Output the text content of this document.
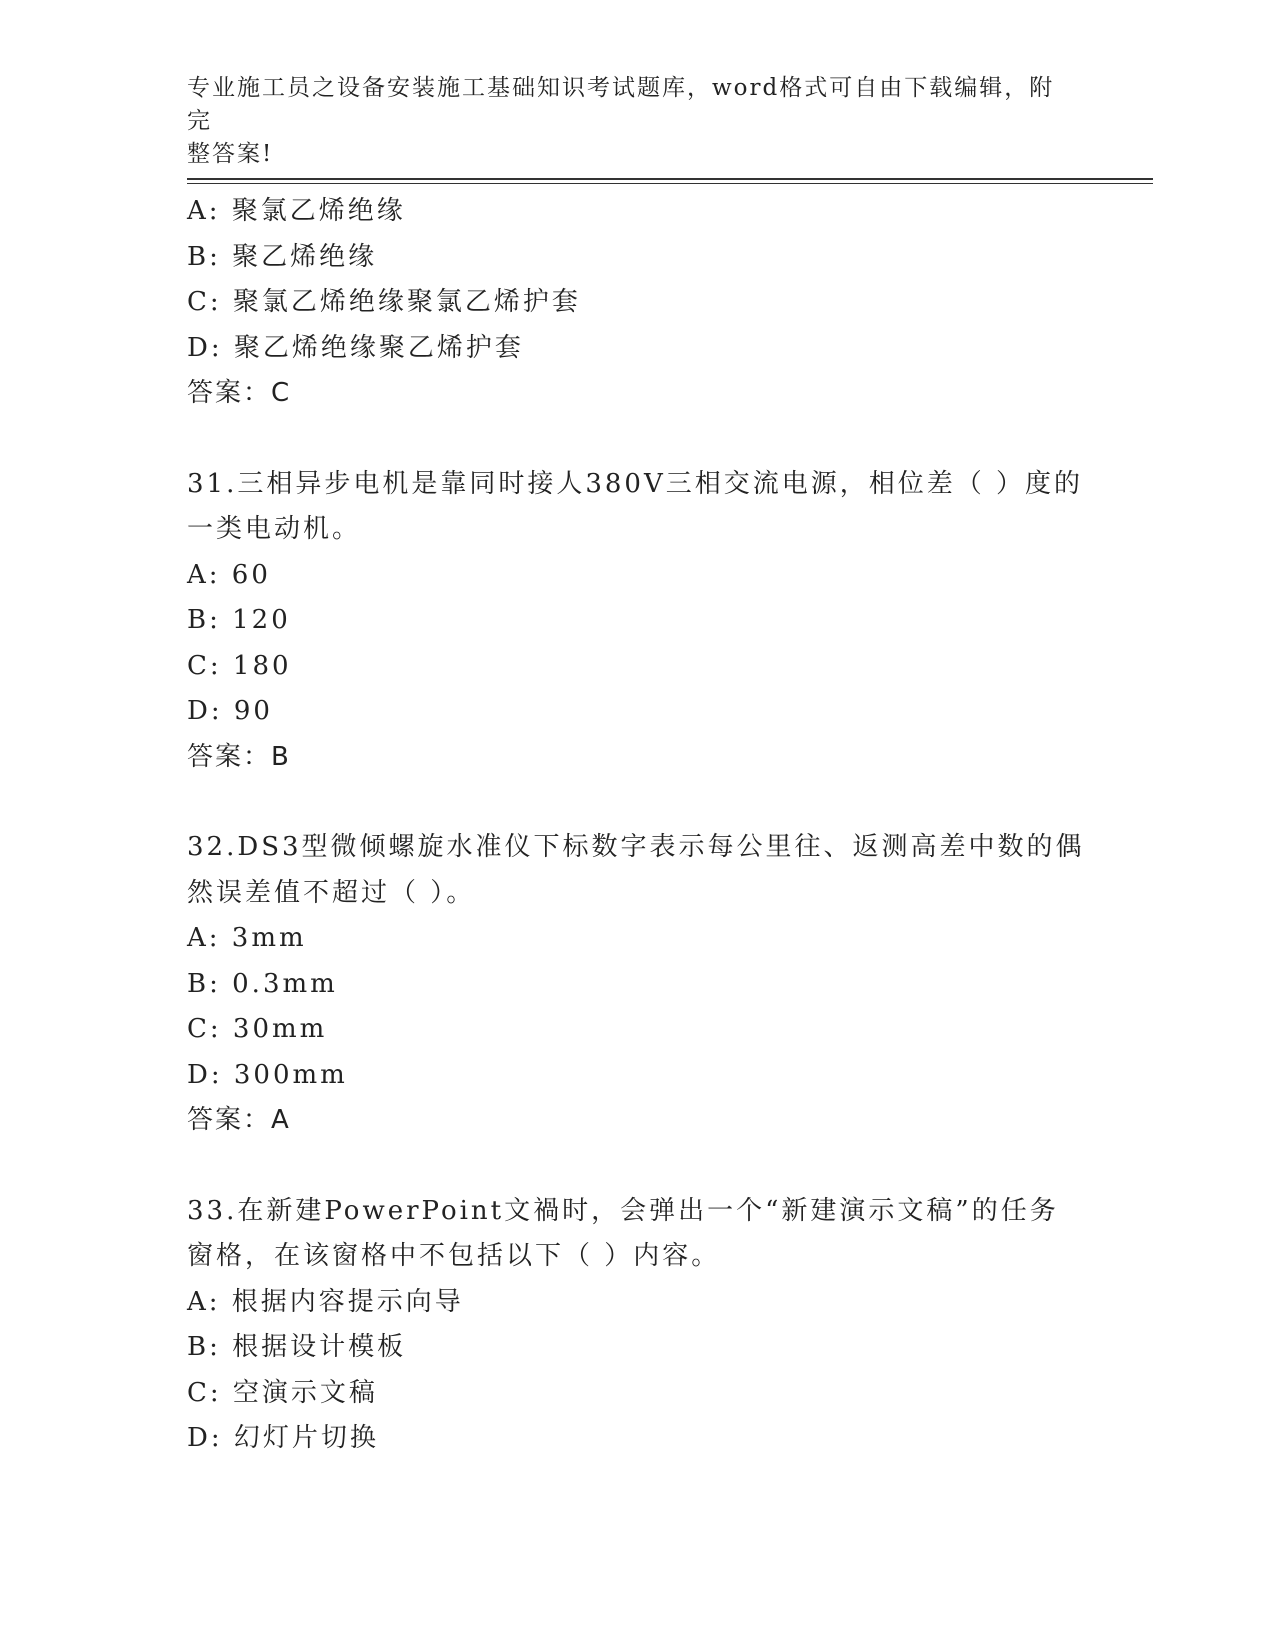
专业施工员之设备安装施工基础知识考试题库，word格式可自由下载编辑，附完
整答案!
A: 聚氯乙烯绝缘
B: 聚乙烯绝缘
C: 聚氯乙烯绝缘聚氯乙烯护套
D: 聚乙烯绝缘聚乙烯护套
答案：C
31.三相异步电机是靠同时接人380V三相交流电源，相位差（ ）度的
一类电动机。
A: 60
B: 120
C: 180
D: 90
答案：B
32.DS3型微倾螺旋水准仪下标数字表示每公里往、返测高差中数的偶
然误差值不超过（ ）。
A: 3mm
B: 0.3mm
C: 30mm
D: 300mm
答案：A
33.在新建PowerPoint文禍时，会弹出一个“新建演示文稿”的任务
窗格，在该窗格中不包括以下（ ）内容。
A: 根据内容提示向导
B: 根据设计模板
C: 空演示文稿
D: 幻灯片切换
